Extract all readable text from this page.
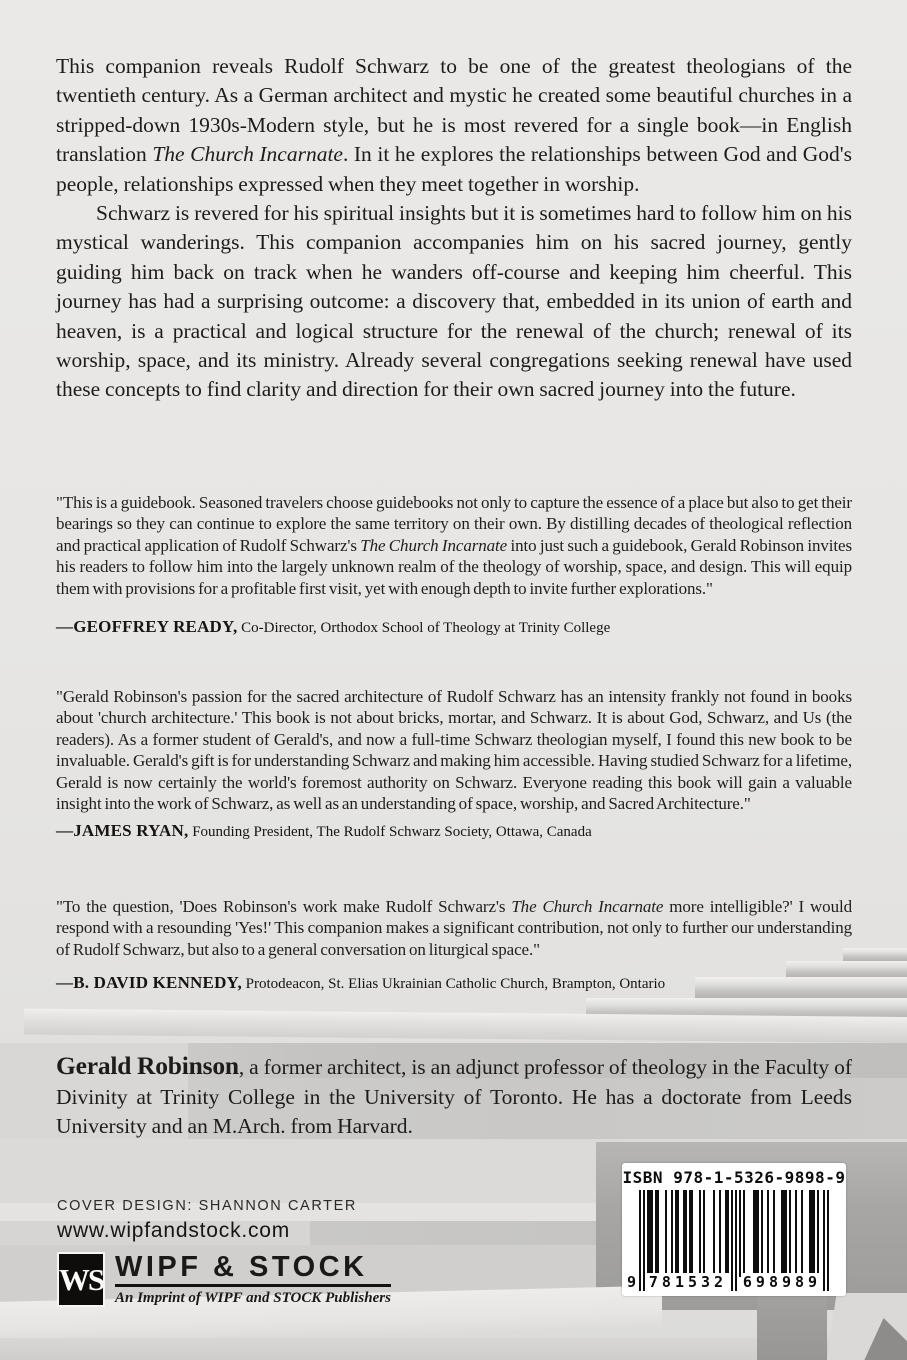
This companion reveals Rudolf Schwarz to be one of the greatest theologians of the twentieth century. As a German architect and mystic he created some beautiful churches in a stripped-down 1930s-Modern style, but he is most revered for a single book—in English translation The Church Incarnate. In it he explores the relationships between God and God's people, relationships expressed when they meet together in worship.

Schwarz is revered for his spiritual insights but it is sometimes hard to follow him on his mystical wanderings. This companion accompanies him on his sacred journey, gently guiding him back on track when he wanders off-course and keeping him cheerful. This journey has had a surprising outcome: a discovery that, embedded in its union of earth and heaven, is a practical and logical structure for the renewal of the church; renewal of its worship, space, and its ministry. Already several congregations seeking renewal have used these concepts to find clarity and direction for their own sacred journey into the future.

"This is a guidebook. Seasoned travelers choose guidebooks not only to capture the essence of a place but also to get their bearings so they can continue to explore the same territory on their own. By distilling decades of theological reflection and practical application of Rudolf Schwarz's The Church Incarnate into just such a guidebook, Gerald Robinson invites his readers to follow him into the largely unknown realm of the theology of worship, space, and design. This will equip them with provisions for a profitable first visit, yet with enough depth to invite further explorations."

—GEOFFREY READY, Co-Director, Orthodox School of Theology at Trinity College

"Gerald Robinson's passion for the sacred architecture of Rudolf Schwarz has an intensity frankly not found in books about 'church architecture.' This book is not about bricks, mortar, and Schwarz. It is about God, Schwarz, and Us (the readers). As a former student of Gerald's, and now a full-time Schwarz theologian myself, I found this new book to be invaluable. Gerald's gift is for understanding Schwarz and making him accessible. Having studied Schwarz for a lifetime, Gerald is now certainly the world's foremost authority on Schwarz. Everyone reading this book will gain a valuable insight into the work of Schwarz, as well as an understanding of space, worship, and Sacred Architecture."

—JAMES RYAN, Founding President, The Rudolf Schwarz Society, Ottawa, Canada

"To the question, 'Does Robinson's work make Rudolf Schwarz's The Church Incarnate more intelligible?' I would respond with a resounding 'Yes!' This companion makes a significant contribution, not only to further our understanding of Rudolf Schwarz, but also to a general conversation on liturgical space."

—B. DAVID KENNEDY, Protodeacon, St. Elias Ukrainian Catholic Church, Brampton, Ontario

Gerald Robinson, a former architect, is an adjunct professor of theology in the Faculty of Divinity at Trinity College in the University of Toronto. He has a doctorate from Leeds University and an M.Arch. from Harvard.

COVER DESIGN: SHANNON CARTER

www.wipfandstock.com

WS WIPF & STOCK
An Imprint of WIPF and STOCK Publishers
ISBN 978-1-5326-9898-9
9 781532 698989
